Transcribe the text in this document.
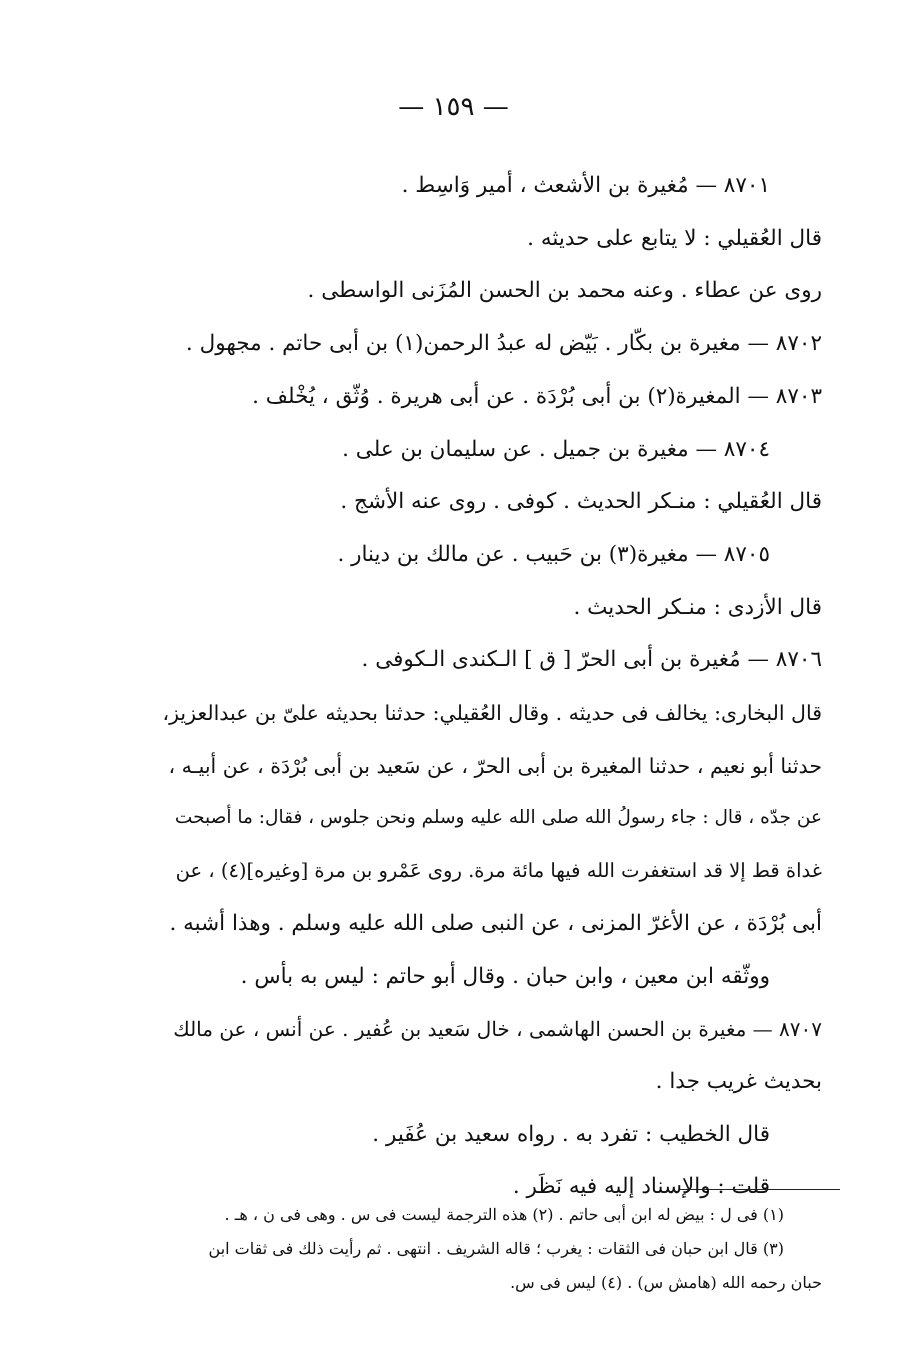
— ١٥٩ —
٨٧٠١ — مُغيرة بن الأشعث ، أمير وَاسِط .
قال العُقيلي : لا يتابع على حديثه .
روى عن عطاء . وعنه محمد بن الحسن المُزَنى الواسطى .
٨٧٠٢ — مغيرة بن بكّار . بَيّض له عبدُ الرحمن(١) بن أبى حاتم . مجهول .
٨٧٠٣ — المغيرة(٢) بن أبى بُرْدَة . عن أبى هريرة . وُثّق ، يُخْلف .
٨٧٠٤ — مغيرة بن جميل . عن سليمان بن على .
قال العُقيلي : منـكر الحديث . كوفى . روى عنه الأشج .
٨٧٠٥ — مغيرة(٣) بن حَبيب . عن مالك بن دينار .
قال الأزدى : منـكر الحديث .
٨٧٠٦ — مُغيرة بن أبى الحرّ [ ق ] الـكندى الـكوفى .
قال البخارى: يخالف فى حديثه . وقال العُقيلي: حدثنا بحديثه علىّ بن عبدالعزيز،
حدثنا أبو نعيم ، حدثنا المغيرة بن أبى الحرّ ، عن سَعيد بن أبى بُرْدَة ، عن أبيـه ،
عن جدّه ، قال : جاء رسولُ الله صلى الله عليه وسلم ونحن جلوس ، فقال: ما أصبحت
غداة قط إلا قد استغفرت الله فيها مائة مرة. روى عَمْرو بن مرة [وغيره](٤) ، عن
أبى بُرْدَة ، عن الأغرّ المزنى ، عن النبى صلى الله عليه وسلم . وهذا أشبه .
ووثّقه ابن معين ، وابن حبان . وقال أبو حاتم : ليس به بأس .
٨٧٠٧ — مغيرة بن الحسن الهاشمى ، خال سَعيد بن عُفير . عن أنس ، عن مالك
بحديث غريب جدا .
قال الخطيب : تفرد به . رواه سعيد بن عُفَير .
قلت : والإسناد إليه فيه نَظَر .
(١) فى ل : بيض له ابن أبى حاتم . (٢) هذه الترجمة ليست فى س . وهى فى ن ، هـ .
(٣) قال ابن حبان فى الثقات : يغرب ؛ قاله الشريف . انتهى . ثم رأيت ذلك فى ثقات ابن
حبان رحمه الله (هامش س) . (٤) ليس فى س.
